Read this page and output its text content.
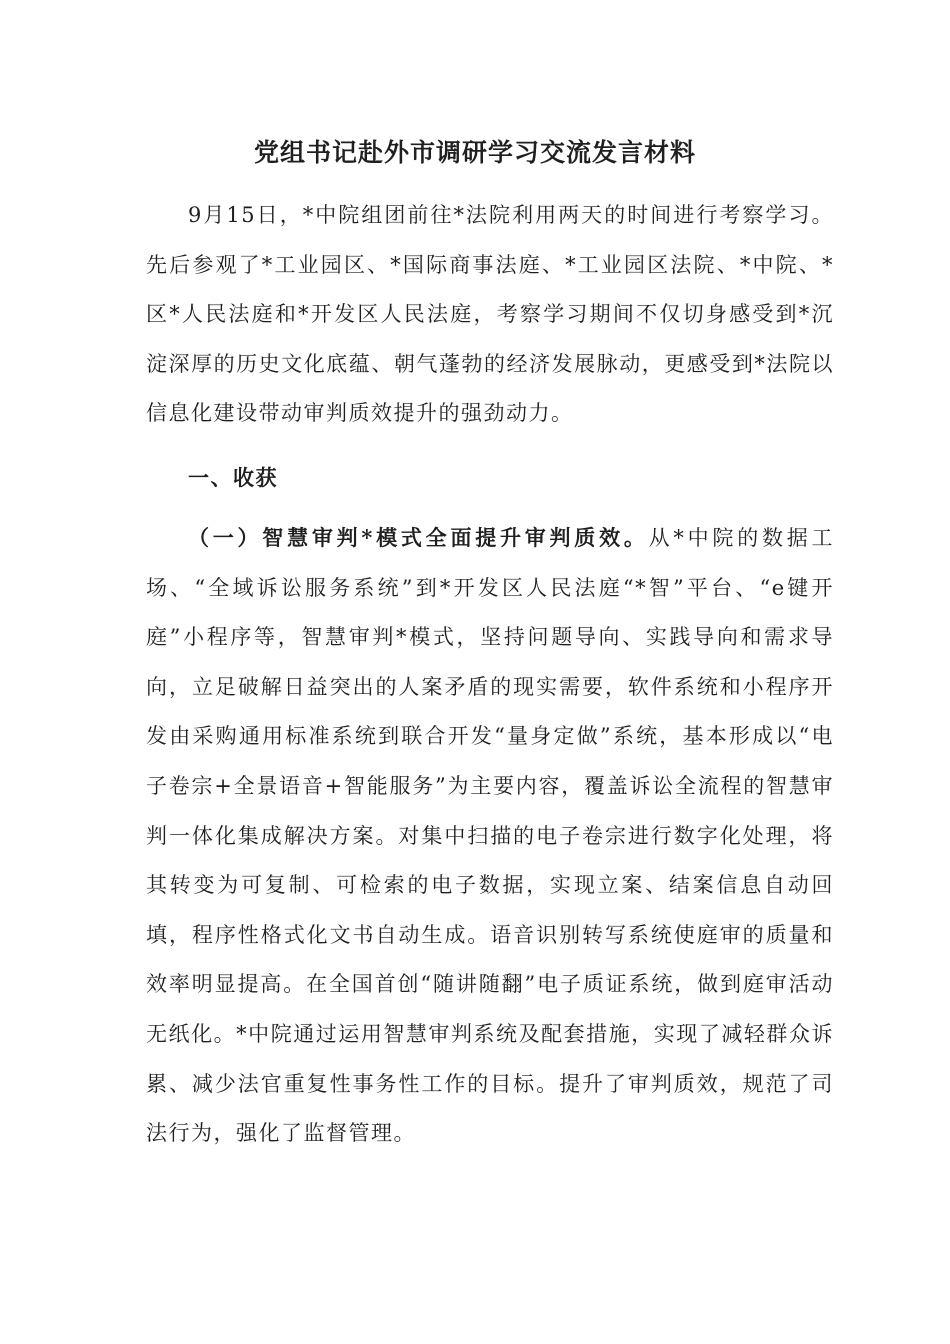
党组书记赴外市调研学习交流发言材料

9月15日，*中院组团前往*法院利用两天的时间进行考察学习。先后参观了*工业园区、*国际商事法庭、*工业园区法院、*中院、*区*人民法庭和*开发区人民法庭，考察学习期间不仅切身感受到*沉淀深厚的历史文化底蕴、朝气蓬勃的经济发展脉动，更感受到*法院以信息化建设带动审判质效提升的强劲动力。

一、收获

（一）智慧审判*模式全面提升审判质效。从*中院的数据工场、“全域诉讼服务系统”到*开发区人民法庭“*智”平台、“e键开庭”小程序等，智慧审判*模式，坚持问题导向、实践导向和需求导向，立足破解日益突出的人案矛盾的现实需要，软件系统和小程序开发由采购通用标准系统到联合开发“量身定做”系统，基本形成以“电子卷宗+全景语音+智能服务”为主要内容，覆盖诉讼全流程的智慧审判一体化集成解决方案。对集中扫描的电子卷宗进行数字化处理，将其转变为可复制、可检索的电子数据，实现立案、结案信息自动回填，程序性格式化文书自动生成。语音识别转写系统使庭审的质量和效率明显提高。在全国首创“随讲随翻”电子质证系统，做到庭审活动无纸化。*中院通过运用智慧审判系统及配套措施，实现了减轻群众诉累、减少法官重复性事务性工作的目标。提升了审判质效，规范了司法行为，强化了监督管理。
